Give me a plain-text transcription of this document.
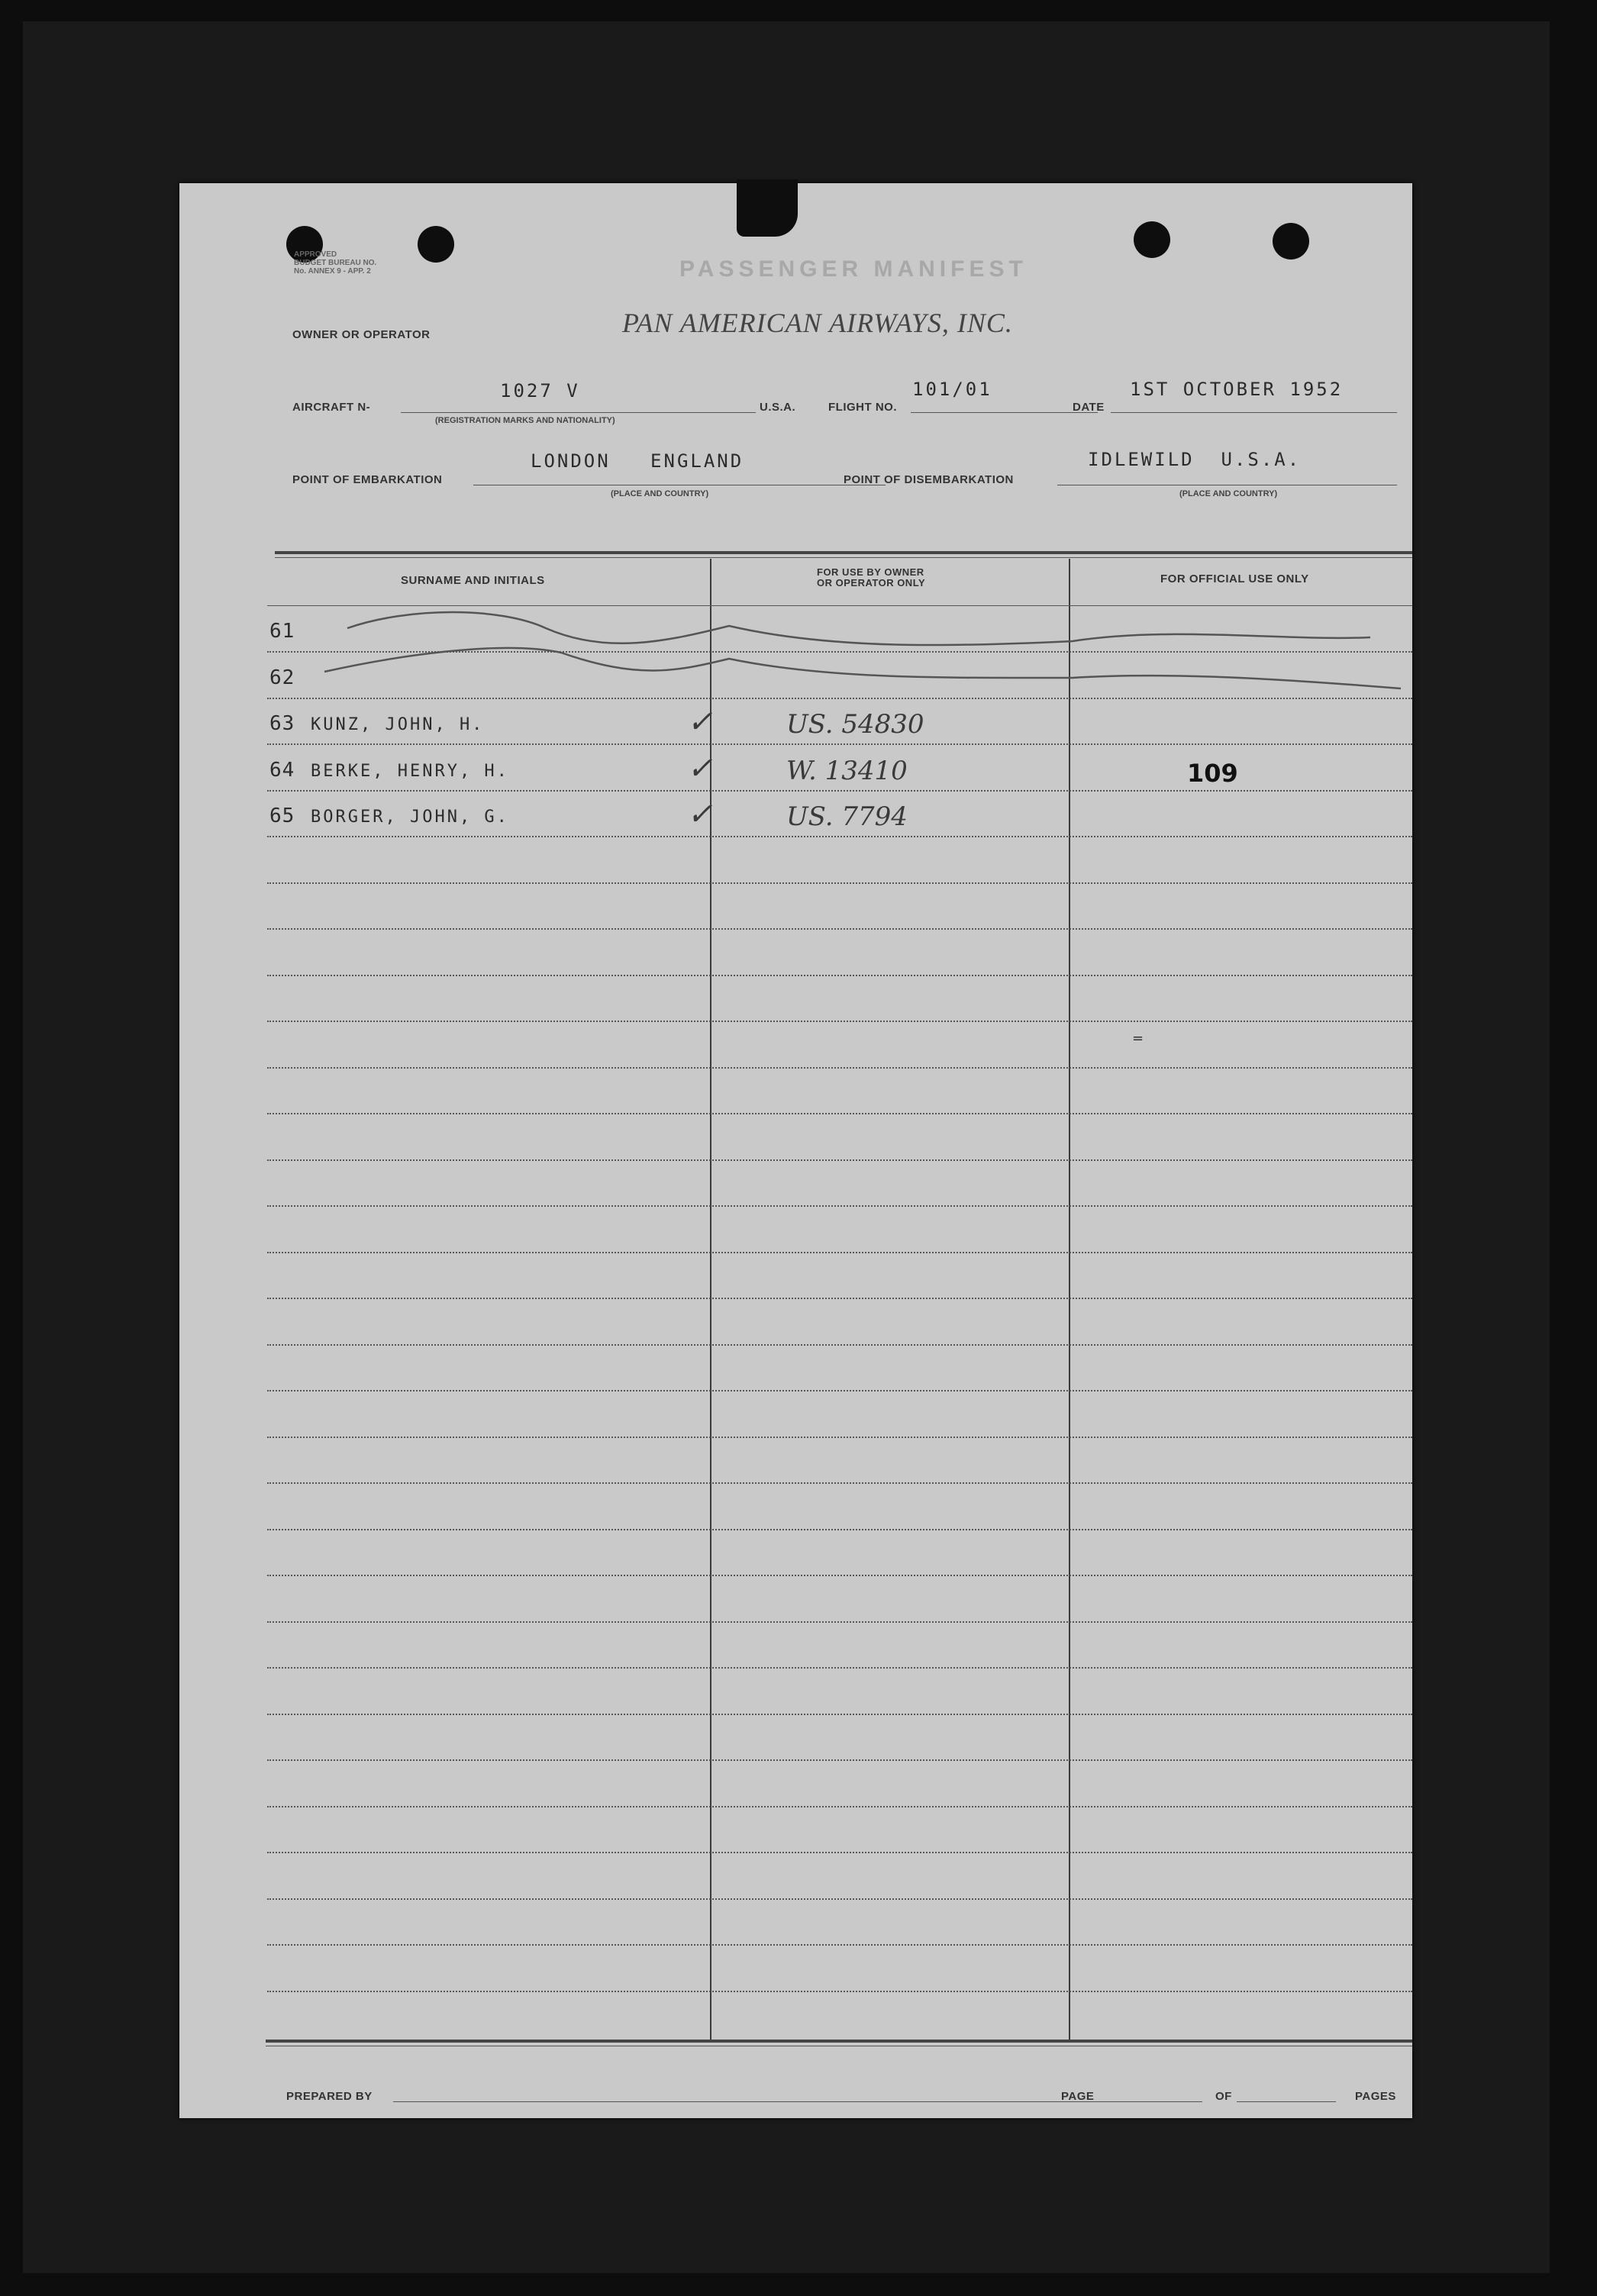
APPROVED
BUDGET BUREAU NO.
No. ANNEX 9 - APP. 2	PASSENGER MANIFEST
OWNER OR OPERATOR	PAN AMERICAN AIRWAYS, INC.
AIRCRAFT N-
1027 V
(REGISTRATION MARKS AND NATIONALITY)
U.S.A.	FLIGHT NO.
101/01
DATE
1ST OCTOBER 1952
POINT OF EMBARKATION
LONDON   ENGLAND
(PLACE AND COUNTRY)
POINT OF DISEMBARKATION
IDLEWILD  U.S.A.
(PLACE AND COUNTRY)
SURNAME AND INITIALS
FOR USE BY OWNER
OR OPERATOR ONLY	FOR OFFICIAL USE ONLY
61
62
63 KUNZ, JOHN, H.	✓	US. 54830
64 BERKE, HENRY, H.	✓	W. 13410	109
65 BORGER, JOHN, G.	✓	US. 7794
=
PREPARED BY	PAGE	OF	PAGES
